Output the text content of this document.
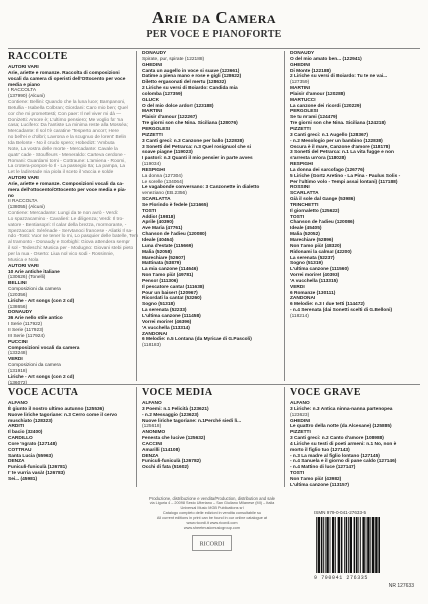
Arie da Camera
PER VOCE E PIANOFORTE
RACCOLTE
AUTORI VARI
Arie, ariette e romanze. Raccolta di composizioni
vocali da camera di operisti dell'Ottocento per voce
media e piano
I RACCOLTA
(137990) (Alcuni)
Contiene: Bellini: Quando che la luna luce; Bampanoni,
Betullia - Isabella Colbran; Giordani: Caro mio ben; Quel
cor che mi promettesti; Con paer: Il nel viver mi dà —
Donizetti: Amore è; L'ultimo pensiero; Me voglio fa' 'na
casa; Lucifero: Da l'antiste La minima reste alla Mosséa;
Mercadante: Il sol t'è caratine 'Tesperto ancor!; Here
no bell'ei e d'olbri; Lavrona e la scugnuo de lorent' Belin
Ida Belonte - No il crudo spero; Hobedizt: 'Ambuta
Note, La vostra delle morte - Mercadante: Cavale la
quatr' cade - Stouffeurs - Meneraldo: Carteva cerdone -
Romani: Guardami torni - Cottraune: L'amiena - Roomi,
La crotera-ponpon-lo Il - La passegio Ita; La pampa, La
Let le ladiretade nia piola il sceto il Vaccia e solde
AUTORI VARI
Arie, ariette e romanze. Composizioni vocali da ca-
mera dell'ottocento/Ottocento per voce media e pia-
no
II RACCOLTA
(138055) (Alcuni)
Contiene: Mercadante: Lungi da te non avrò - Verdi:
Lo spazzacamino - Cavalieri: Le diligenza; Verdi: Il tro-
vatore - Bentiasopri: Il calar della brezza, mormorante, -
Spezzaccari: Sérénade - Servtanoci francese - Aliatki Il sa-
ndo -Tosti: Vuor ne tener lo mi, Lo pasquier delle batelle, Tem
al tramonto - Donaudy e Sorbighi: Giova attendera sempr
il sol - Tedeschi: Musica per - Modugno: Giovani stebi pieto
per la nua - Oserto: Liua nol vico sodi - Rossinnie,
Musica e Nola
AUTORI VARI
10 Arie antiche italiane
(130626) (Tonelli)
BELLINI
Composizioni da camera
(120356)
Liriche - Art songs (con 2 cd)
(138656)
DONAUDY
36 Arie nello stile antico
I Serie (117922)
II Serie (117923)
III Serie (117924)
PUCCINI
Composizioni vocali da camera
(133248)
VERDI
Composizioni da camera
(131918)
Liriche - Art songs (con 2 cd)
(136072)
DONAUDY
Spirate, pur, spirate (122188)
GHEDINI
Canta un augello in voce si suave (123661)
Datime a piena mano e rose e gigli (128622)
Diletto ergasonati del mertu (128632)
2 Liriche su versi di Boiardo: Candida mia
colomba (127359)
GLUCK
O del mio dolce ardor! (123188)
MARTINI
Plaisir d'amour (122267)
Tre giorni son che Nina. Siciliana (128076)
PERGOLESI
PIZZETTI
3 Canti greci: n.3 Canzone per ballo (122838)
3 Sonetti del Petrarca: n.3 Quel rosignuol che si
soave piagne (119023)
I pastori: n.3 Quanti il mio pensier in parte avves
(119034)
RESPIGHI
La donna (127304)
Le sorelle (134064)
Le vagabonde conversano: 3 Canzonette in dialetto
veneziano (EB.2356)
SCARLATTA
Se Florindo è fedele (121665)
TOSTI
Addio! (19818)
Aprile (40390)
Ave Maria (47761)
Chanson de l'adieu (120080)
Ideale (40464)
Luna d'estate (115669)
Malia (52058)
Marechiare (52607)
Mattinata (53879)
La mia canzone (114646)
Non t'amo più! (49781)
Penso! (111306)
Il pescatore canta! (111638)
Pour un baiser! (120967)
Ricordati la canta! (53260)
Sogno (51318)
La serenata (52233)
L'ultima canzone (111458)
Vorrei morire! (46396)
'A vucchella (113314)
ZANDONAI
6 Melodie: n.5 Lontana (da Myricae di G.Pascoli)
(118183)
DONAUDY
O del mio amato ben... (122941)
GHEDINI
Di Monte (122188)
2 Liriche su versi di Boiardo: Tu te ne vai...
(127359)
MARTINI
Plaisir d'amour (120288)
MARTUCCI
La canzone dei ricordi (120229)
PERGOLESI
Se tu m'ami (124479)
Tre giorni son che Nina. Siciliana (124218)
PIZZETTI
3 Canti greci: n.1 Augello (128367)
- n.2 Mesologio per un bambino (122838)
Oscura è il mare, Canzone d'amore (118178)
3 Sonetti del Petrarca: n.1 La vita fugge e non
s'arresta un'ora (118028)
RESPIGHI
La donna dei sarcofago (126776)
5 Liriche (Gortz Aretino - La Pina - Paulus Solis -
Per l'ultimo volo - Tempi assai lontani) (117188)
ROSSINI
SCARLATTA
Già il sole dal Gange (53986)
TRINCHETTI
Il giornaletto (125622)
TOSTI
Chanson de l'adieu (120086)
Ideale (45405)
Malia (52052)
Marechiare (52896)
Non t'amo più! (48320)
Ridonami la calma! (42200)
La serenata (52237)
Sogno (51319)
L'ultima canzone (111560)
Vorrei morire! (40393)
'A vucchella (113315)
VERDI
6 Romanze (130111)
ZANDONAI
6 Melodie: n.3 I due tetti (114472)
- n.4 Serenata (dai Sonetti scelti di G.Belloni)
(118214)
VOCE ACUTA
ALFANO
È giunto il nostro ultimo autunno (125536)
Nuove liriche tagoriane: n.3 Cerro come il cervo
muschiato (128323)
ARDITI
Il bacio (32400)
CARDILLO
Core 'ngrato (127148)
COTTRAU
Santa Lucia (55963)
DENZA
Funiculì-funiculà (126781)
I' te vurria vasà! (126783)
Sei... (45981)
VOCE MEDIA
ALFANO
3 Poemi: n.1 Felicità (123621)
- n.2 Messaggio (123623)
Nuove liriche tagoriane: n.1Perché siedi lì...
(125618)
ANONIMO
Fenesta che lucive (125632)
CACCINI
Amarilli (114108)
DENZA
Funiculì-funiculà (126782)
Occhi di fata (51602)
VOCE GRAVE
ALFANO
3 Liriche: n.3 Antica ninna-nanna partenopea
(123623)
GHEDINI
Le quattro della notte (da Alcesane) (125885)
PIZZETTI
3 Canti greci: n.2 Canto d'amore (108988)
4 Liriche su testi di poeti armeni: n.1 No, non è
morto il figlio tuo (127143)
- n.3 La madre al figlio lontano (127145)
- n.4 Sanuela e il giorno di pane caldo (127146)
- n.4 Mattino di luce (127147)
TOSTI
Non t'amo più! (43982)
L'ultima canzone (113157)
Produzione, distribuzione e vendita/Production, distribution and sale
via Liguria 4 – 20098 Sesto Ulteriano – San Giuliano Milanese (MI) – Italia
Universal Music MGB Publications srl
Catalogo completo delle edizioni in vendita consultabile su
All current editions in print can be found in our online catalogue at
www.ricordi.it www.ricordi.com
www.sheetmusicmusicgroup.com
RICORDI
ISMN 979-0-041-27633-5
9 790041 276335
NR 127633
